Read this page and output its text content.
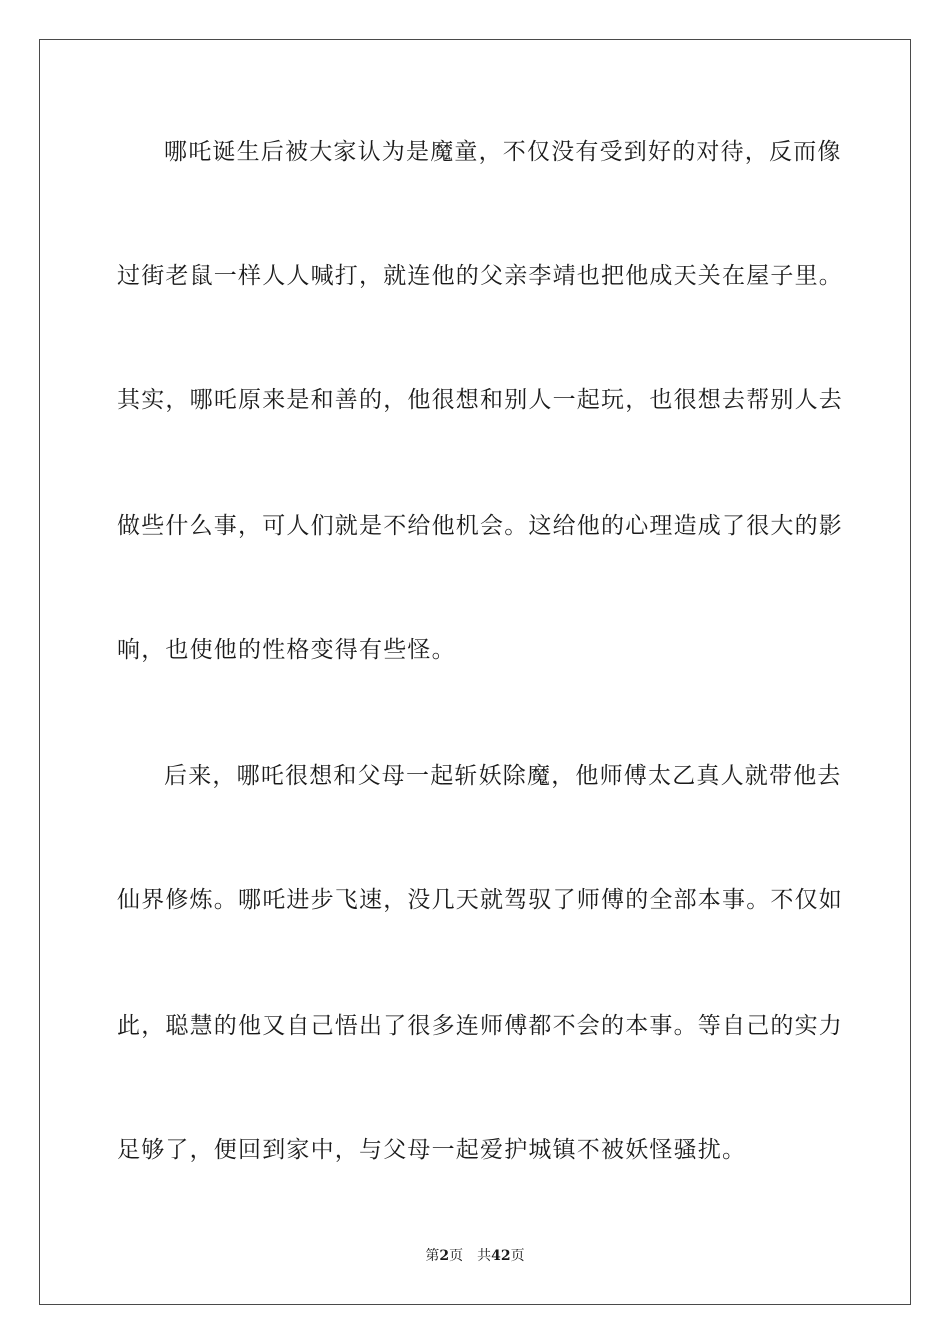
哪吒诞生后被大家认为是魔童，不仅没有受到好的对待，反而像
过街老鼠一样人人喊打，就连他的父亲李靖也把他成天关在屋子里。
其实，哪吒原来是和善的，他很想和别人一起玩，也很想去帮别人去
做些什么事，可人们就是不给他机会。这给他的心理造成了很大的影
响，也使他的性格变得有些怪。
后来，哪吒很想和父母一起斩妖除魔，他师傅太乙真人就带他去
仙界修炼。哪吒进步飞速，没几天就驾驭了师傅的全部本事。不仅如
此，聪慧的他又自己悟出了很多连师傅都不会的本事。等自己的实力
足够了，便回到家中，与父母一起爱护城镇不被妖怪骚扰。
第2页 共42页
